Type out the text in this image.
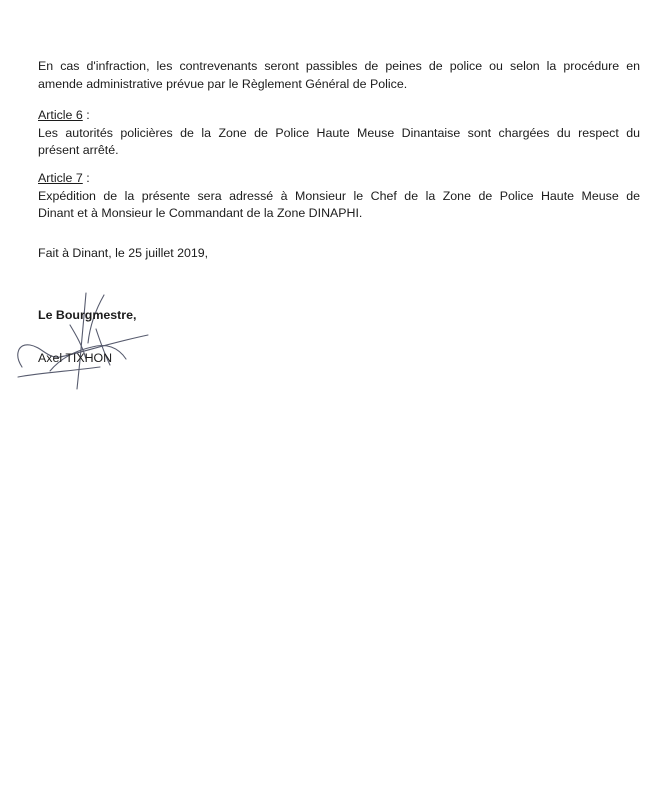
En cas d'infraction, les contrevenants seront passibles de peines de police ou selon la procédure en
amende administrative prévue par le Règlement Général de Police.
Article 6 :
Les autorités policières de la Zone de Police Haute Meuse Dinantaise sont chargées du respect du
présent arrêté.
Article 7 :
Expédition de la présente sera adressé à Monsieur le Chef de la Zone de Police Haute Meuse de
Dinant et à Monsieur le Commandant de la Zone DINAPHI.
Fait à Dinant, le 25 juillet 2019,
Le Bourgmestre,
Axel TIXHON
